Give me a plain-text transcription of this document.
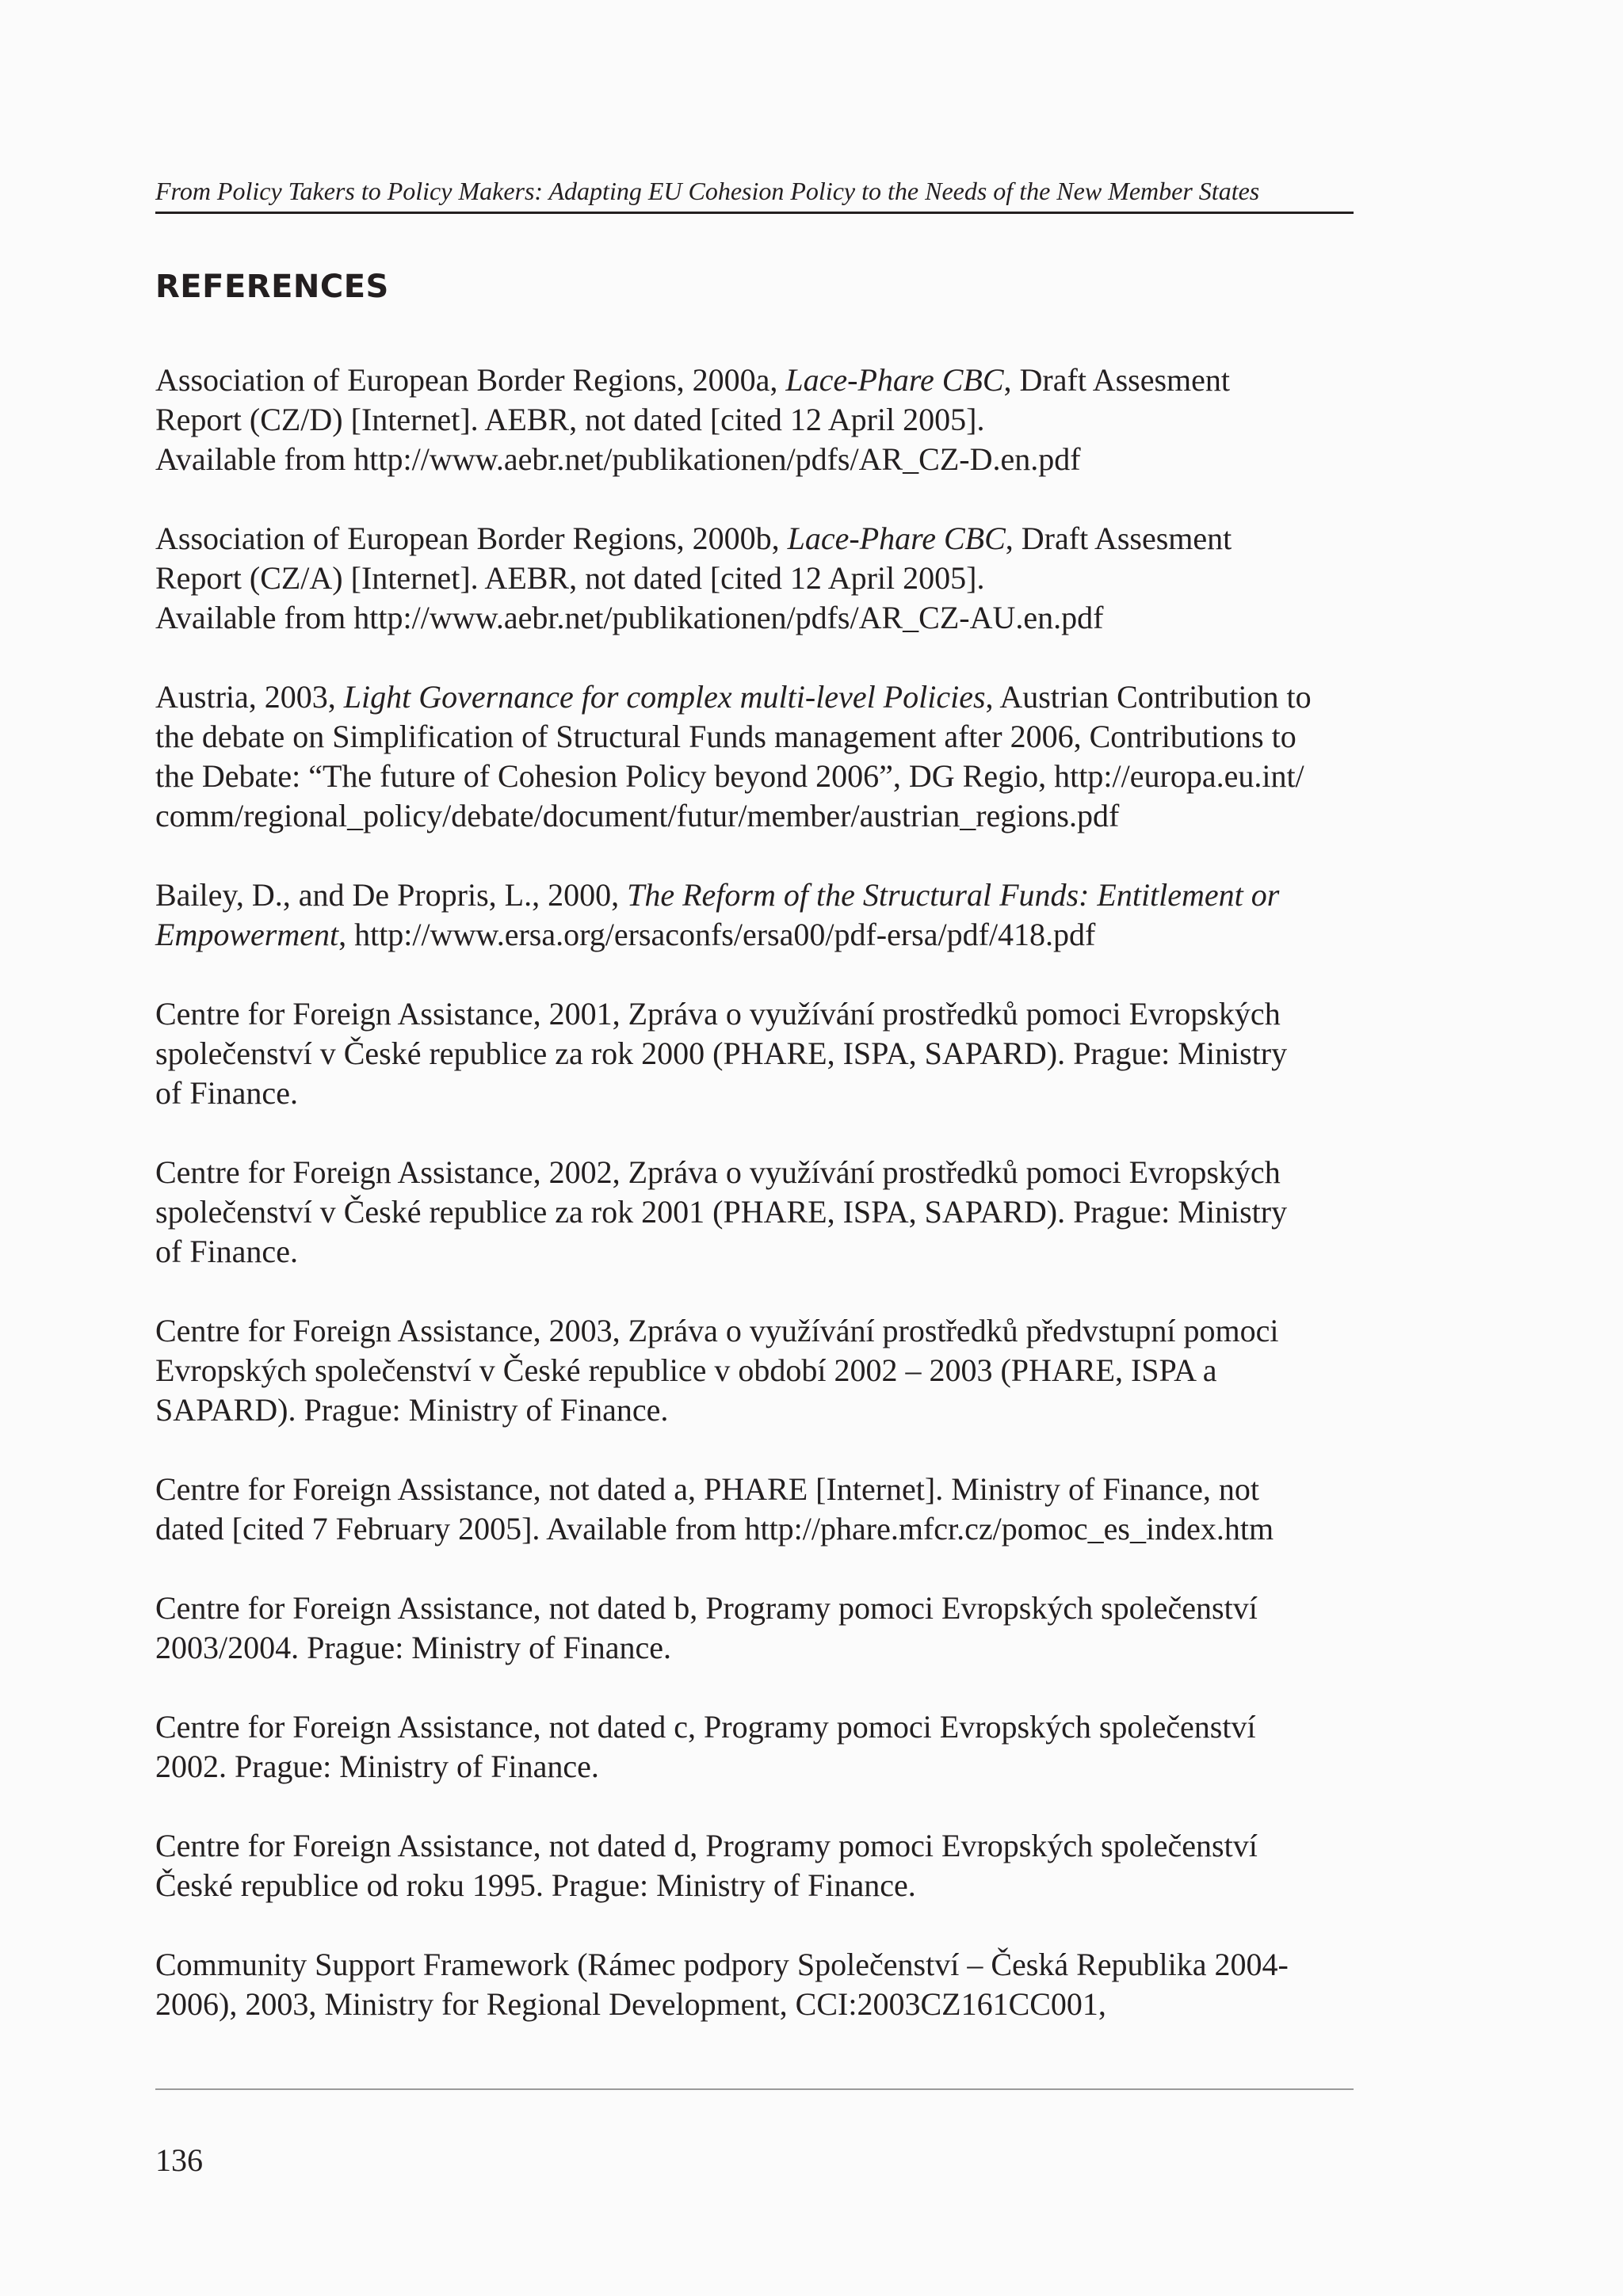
From Policy Takers to Policy Makers: Adapting EU Cohesion Policy to the Needs of the New Member States
REFERENCES

Association of European Border Regions, 2000a, Lace-Phare CBC, Draft Assesment
Report (CZ/D) [Internet]. AEBR, not dated [cited 12 April 2005].
Available from http://www.aebr.net/publikationen/pdfs/AR_CZ-D.en.pdf

Association of European Border Regions, 2000b, Lace-Phare CBC, Draft Assesment
Report (CZ/A) [Internet]. AEBR, not dated [cited 12 April 2005].
Available from http://www.aebr.net/publikationen/pdfs/AR_CZ-AU.en.pdf

Austria, 2003, Light Governance for complex multi-level Policies, Austrian Contribution to
the debate on Simplification of Structural Funds management after 2006, Contributions to
the Debate: “The future of Cohesion Policy beyond 2006”, DG Regio, http://europa.eu.int/
comm/regional_policy/debate/document/futur/member/austrian_regions.pdf

Bailey, D., and De Propris, L., 2000, The Reform of the Structural Funds: Entitlement or
Empowerment, http://www.ersa.org/ersaconfs/ersa00/pdf-ersa/pdf/418.pdf

Centre for Foreign Assistance, 2001, Zpráva o využívání prostředků pomoci Evropských
společenství v České republice za rok 2000 (PHARE, ISPA, SAPARD). Prague: Ministry
of Finance.

Centre for Foreign Assistance, 2002, Zpráva o využívání prostředků pomoci Evropských
společenství v České republice za rok 2001 (PHARE, ISPA, SAPARD). Prague: Ministry
of Finance.

Centre for Foreign Assistance, 2003, Zpráva o využívání prostředků předvstupní pomoci
Evropských společenství v České republice v období 2002 – 2003 (PHARE, ISPA a
SAPARD). Prague: Ministry of Finance.

Centre for Foreign Assistance, not dated a, PHARE [Internet]. Ministry of Finance, not
dated [cited 7 February 2005]. Available from http://phare.mfcr.cz/pomoc_es_index.htm

Centre for Foreign Assistance, not dated b, Programy pomoci Evropských společenství
2003/2004. Prague: Ministry of Finance.

Centre for Foreign Assistance, not dated c, Programy pomoci Evropských společenství
2002. Prague: Ministry of Finance.

Centre for Foreign Assistance, not dated d, Programy pomoci Evropských společenství
České republice od roku 1995. Prague: Ministry of Finance.

Community Support Framework (Rámec podpory Společenství – Česká Republika 2004-
2006), 2003, Ministry for Regional Development, CCI:2003CZ161CC001,

136
